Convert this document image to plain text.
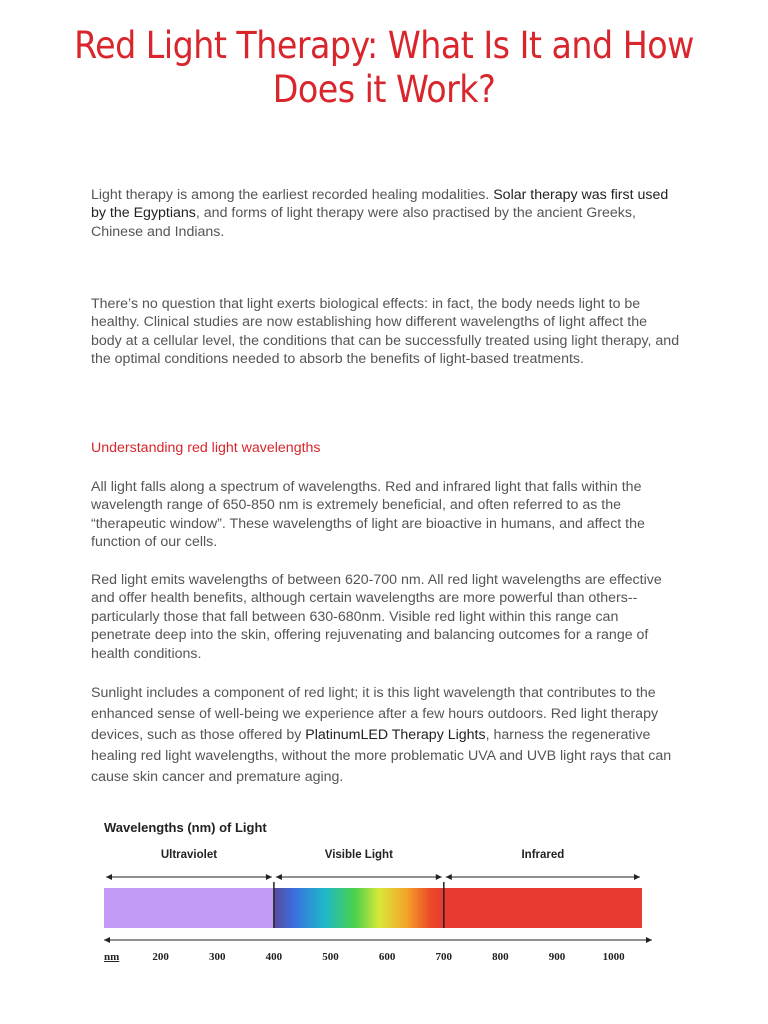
Red Light Therapy: What Is It and How Does it Work?

Light therapy is among the earliest recorded healing modalities. Solar therapy was first used by the Egyptians, and forms of light therapy were also practised by the ancient Greeks, Chinese and Indians.

There’s no question that light exerts biological effects: in fact, the body needs light to be healthy. Clinical studies are now establishing how different wavelengths of light affect the body at a cellular level, the conditions that can be successfully treated using light therapy, and the optimal conditions needed to absorb the benefits of light-based treatments.

Understanding red light wavelengths

All light falls along a spectrum of wavelengths. Red and infrared light that falls within the wavelength range of 650-850 nm is extremely beneficial, and often referred to as the “therapeutic window”. These wavelengths of light are bioactive in humans, and affect the function of our cells.

Red light emits wavelengths of between 620-700 nm. All red light wavelengths are effective and offer health benefits, although certain wavelengths are more powerful than others--particularly those that fall between 630-680nm. Visible red light within this range can penetrate deep into the skin, offering rejuvenating and balancing outcomes for a range of health conditions.

Sunlight includes a component of red light; it is this light wavelength that contributes to the enhanced sense of well-being we experience after a few hours outdoors. Red light therapy devices, such as those offered by PlatinumLED Therapy Lights, harness the regenerative healing red light wavelengths, without the more problematic UVA and UVB light rays that can cause skin cancer and premature aging.

Wavelengths (nm) of Light
Ultraviolet	Visible Light	Infrared
nm	200	300	400	500	600	700	800	900	1000
